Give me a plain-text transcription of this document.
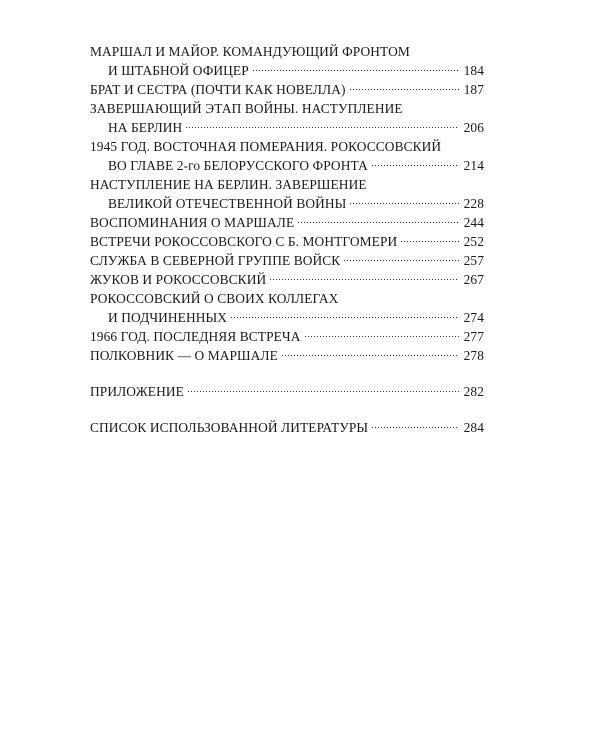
МАРШАЛ И МАЙОР. КОМАНДУЮЩИЙ ФРОНТОМ
И ШТАБНОЙ ОФИЦЕР	184
БРАТ И СЕСТРА (ПОЧТИ КАК НОВЕЛЛА)	187
ЗАВЕРШАЮЩИЙ ЭТАП ВОЙНЫ. НАСТУПЛЕНИЕ
НА БЕРЛИН	206
1945 ГОД. ВОСТОЧНАЯ ПОМЕРАНИЯ. РОКОССОВСКИЙ
ВО ГЛАВЕ 2-го БЕЛОРУССКОГО ФРОНТА	214
НАСТУПЛЕНИЕ НА БЕРЛИН. ЗАВЕРШЕНИЕ
ВЕЛИКОЙ ОТЕЧЕСТВЕННОЙ ВОЙНЫ	228
ВОСПОМИНАНИЯ О МАРШАЛЕ	244
ВСТРЕЧИ РОКОССОВСКОГО С Б. МОНТГОМЕРИ	252
СЛУЖБА В СЕВЕРНОЙ ГРУППЕ ВОЙСК	257
ЖУКОВ И РОКОССОВСКИЙ	267
РОКОССОВСКИЙ О СВОИХ КОЛЛЕГАХ
И ПОДЧИНЕННЫХ	274
1966 ГОД. ПОСЛЕДНЯЯ ВСТРЕЧА	277
ПОЛКОВНИК — О МАРШАЛЕ	278
ПРИЛОЖЕНИЕ	282
СПИСОК ИСПОЛЬЗОВАННОЙ ЛИТЕРАТУРЫ	284
